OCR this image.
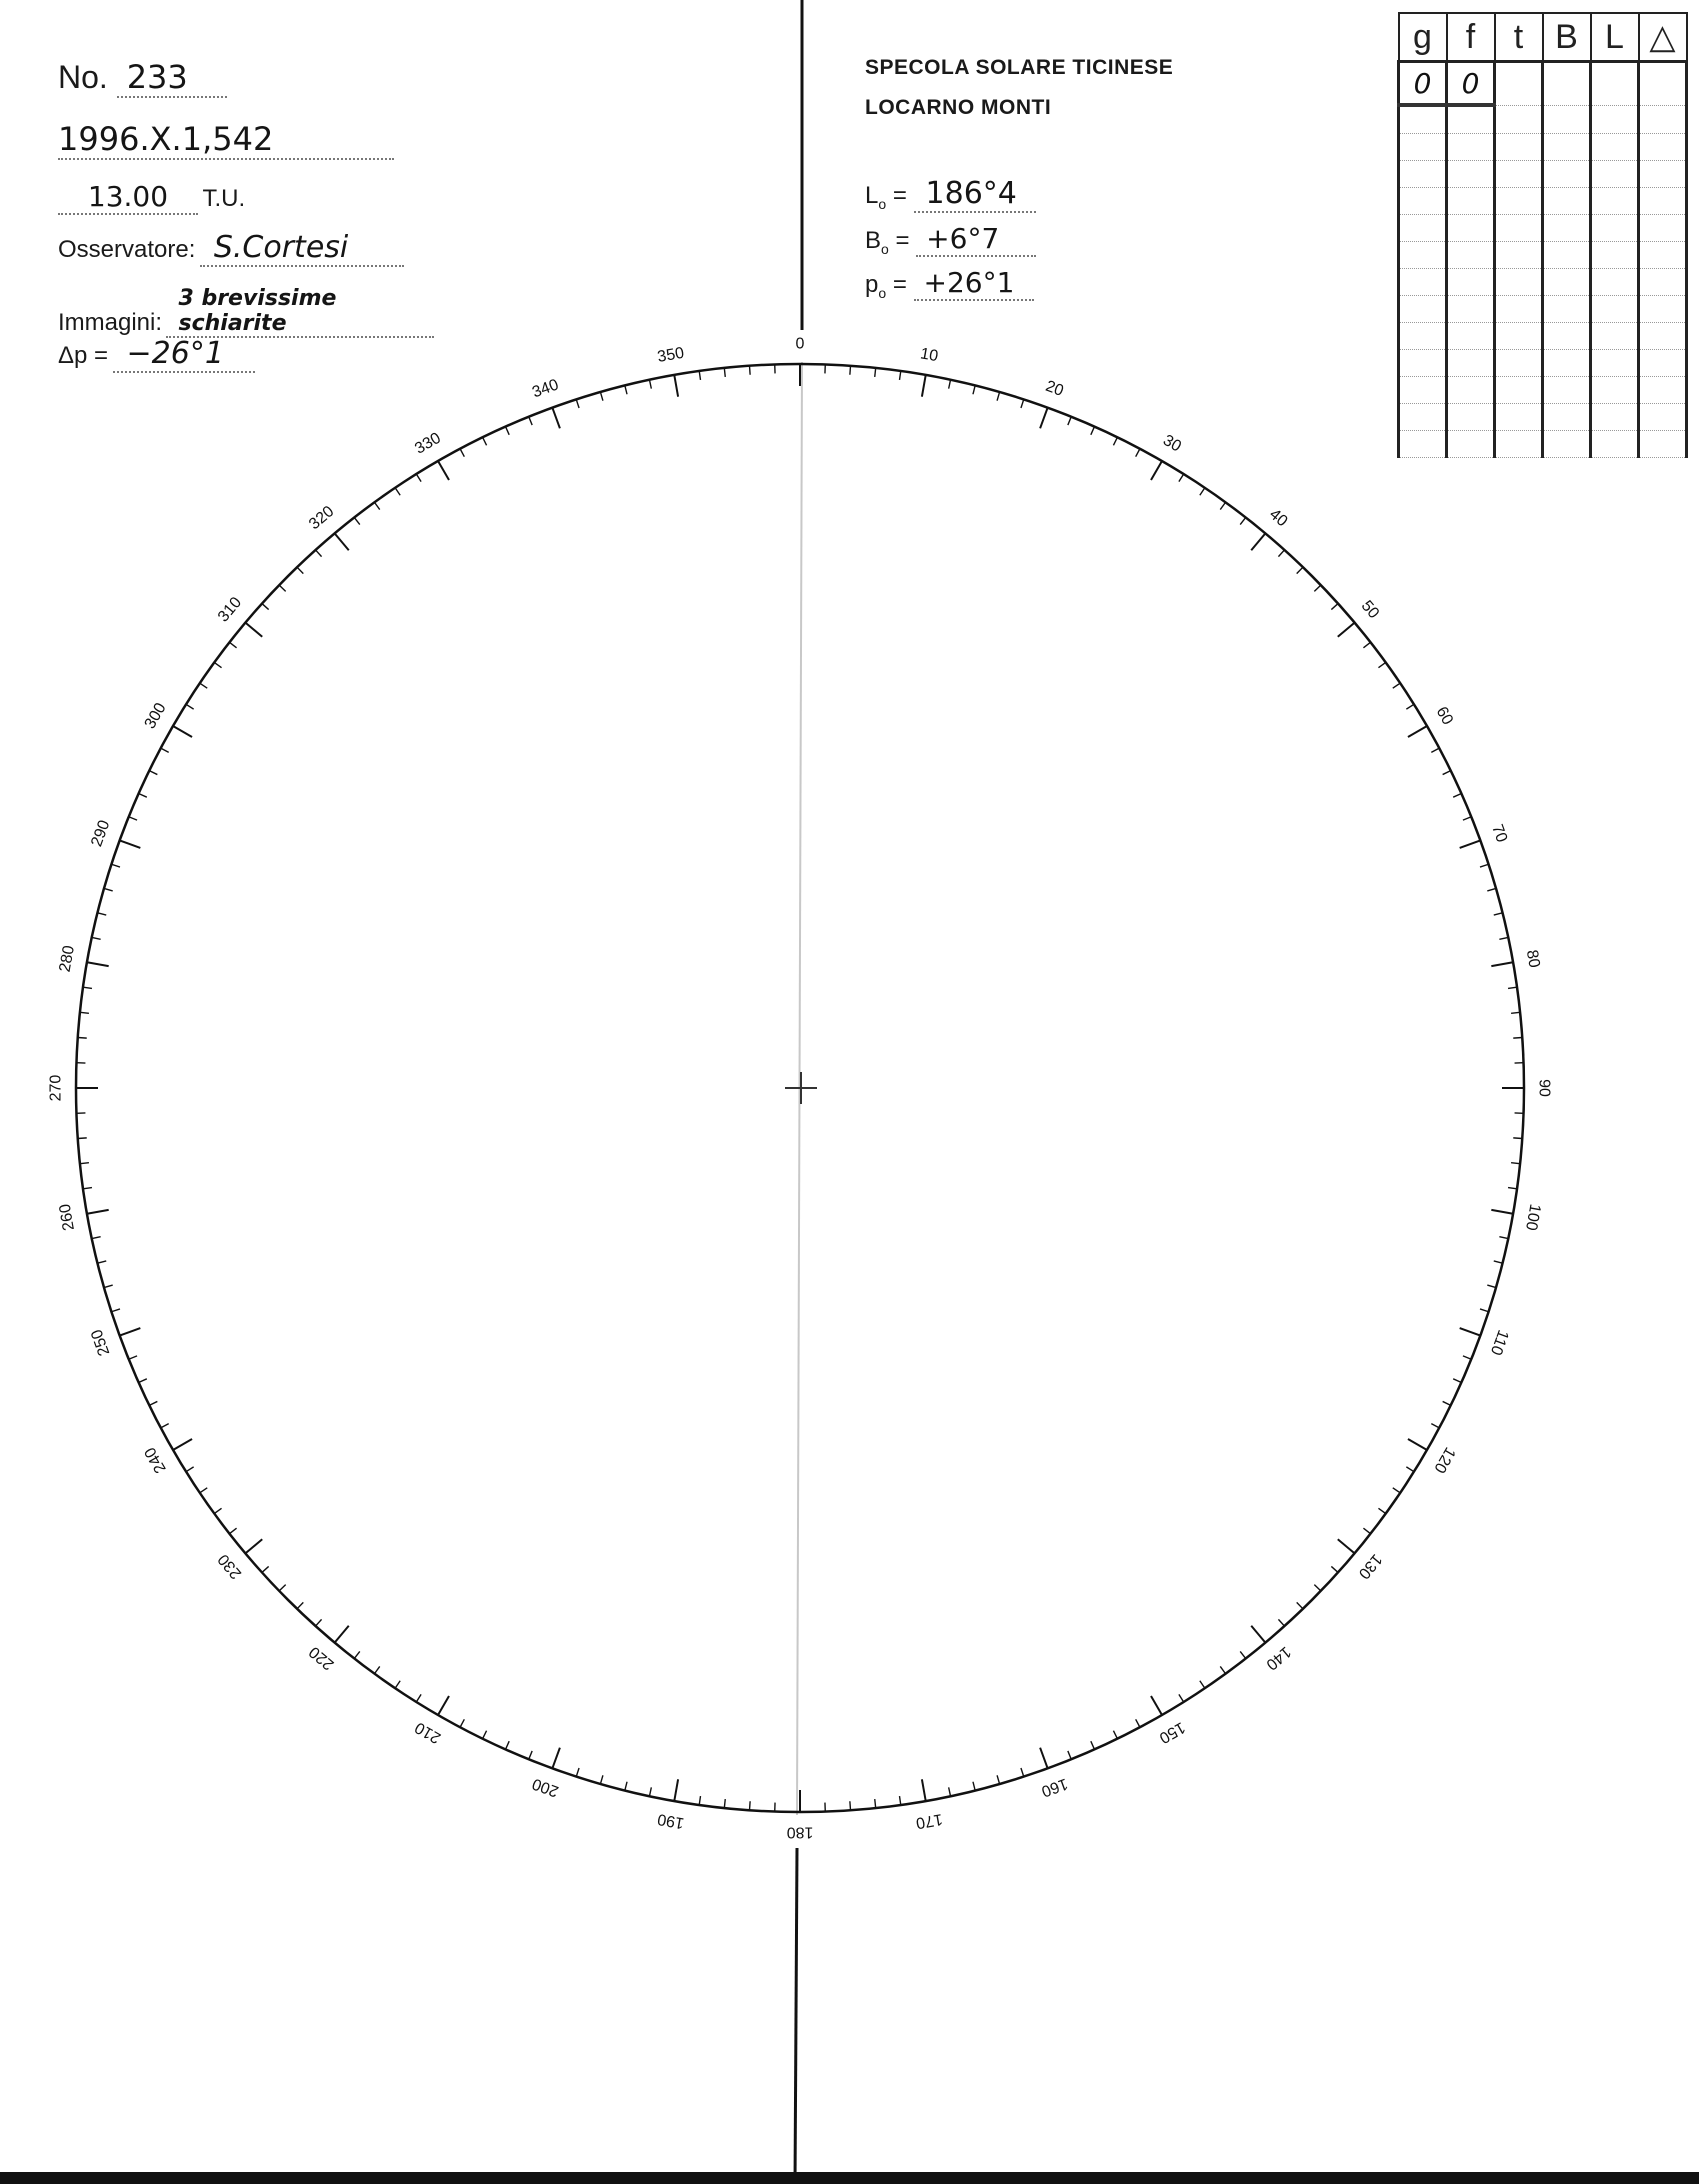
0
10
20
30
40
50
60
70
80
90
100
110
120
130
140
150
160
170
180
190
200
210
220
230
240
250
260
270
280
290
300
310
320
330
340
350
No. 233
1996.X.1,542
13.00 T.U.
Osservatore: S.Cortesi
Immagini: 3 brevissime schiarite
Δp = −26°1
SPECOLA SOLARE TICINESE
LOCARNO MONTI
$L_o = 186^\circ 4$
$B_o = +6^\circ 7$
$p_o = +26^\circ 1$
g	f	t	B	L	△
0	0				
